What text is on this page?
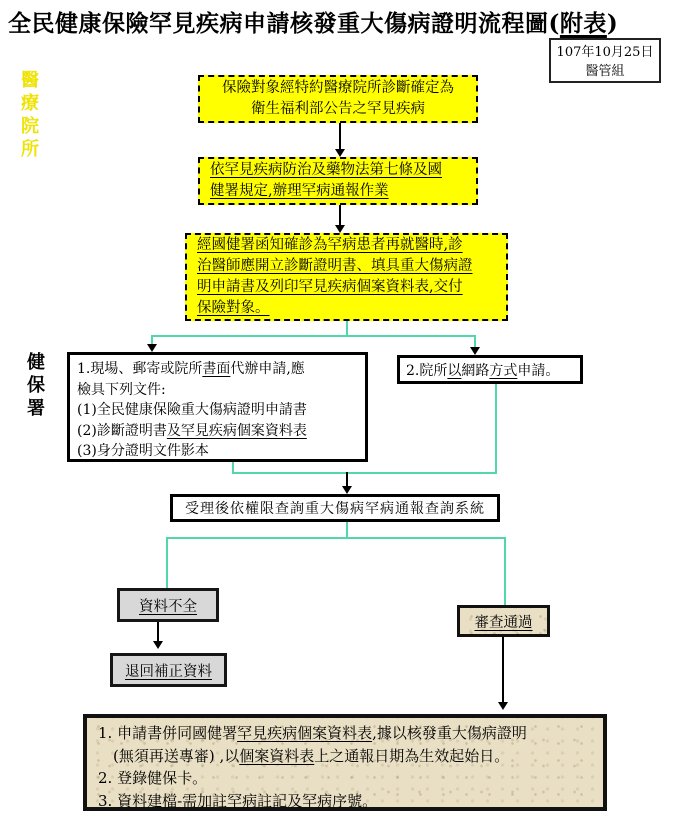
全民健康保險罕見疾病申請核發重大傷病證明流程圖(附表)
107年10月25日
醫管組
醫療院所
健保署
保險對象經特約醫療院所診斷確定為
衛生福利部公告之罕見疾病
依罕見疾病防治及藥物法第七條及國
健署規定,辦理罕病通報作業
經國健署函知確診為罕病患者再就醫時,診
治醫師應開立診斷證明書、填具重大傷病證
明申請書及列印罕見疾病個案資料表,交付
保險對象。
1.現場、郵寄或院所書面代辦申請,應
檢具下列文件:
(1)全民健康保險重大傷病證明申請書
(2)診斷證明書及罕見疾病個案資料表
(3)身分證明文件影本
2.院所以網路方式申請。
受理後依權限查詢重大傷病罕病通報查詢系統
資料不全
退回補正資料
審查通過
1. 申請書併同國健署罕見疾病個案資料表,據以核發重大傷病證明
　(無須再送專審) ,以個案資料表上之通報日期為生效起始日。
2. 登錄健保卡。
3. 資料建檔-需加註罕病註記及罕病序號。
